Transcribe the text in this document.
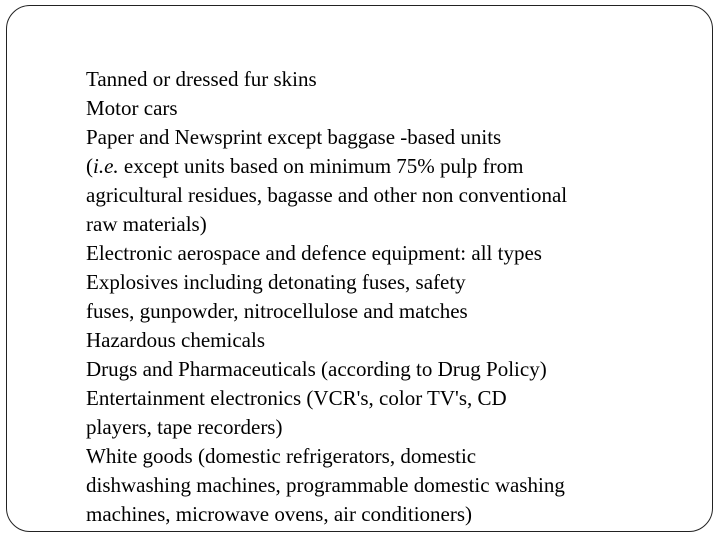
Tanned or dressed fur skins
Motor cars
Paper and Newsprint except baggase -based units
(i.e. except units based on minimum 75% pulp from
agricultural residues, bagasse and other non conventional
raw materials)
Electronic aerospace and defence equipment: all types
Explosives including detonating fuses, safety
fuses, gunpowder, nitrocellulose and matches
Hazardous chemicals
Drugs and Pharmaceuticals (according to Drug Policy)
Entertainment electronics (VCR's, color TV's, CD
players, tape recorders)
White goods (domestic refrigerators, domestic
dishwashing machines, programmable domestic washing
machines, microwave ovens, air conditioners)
